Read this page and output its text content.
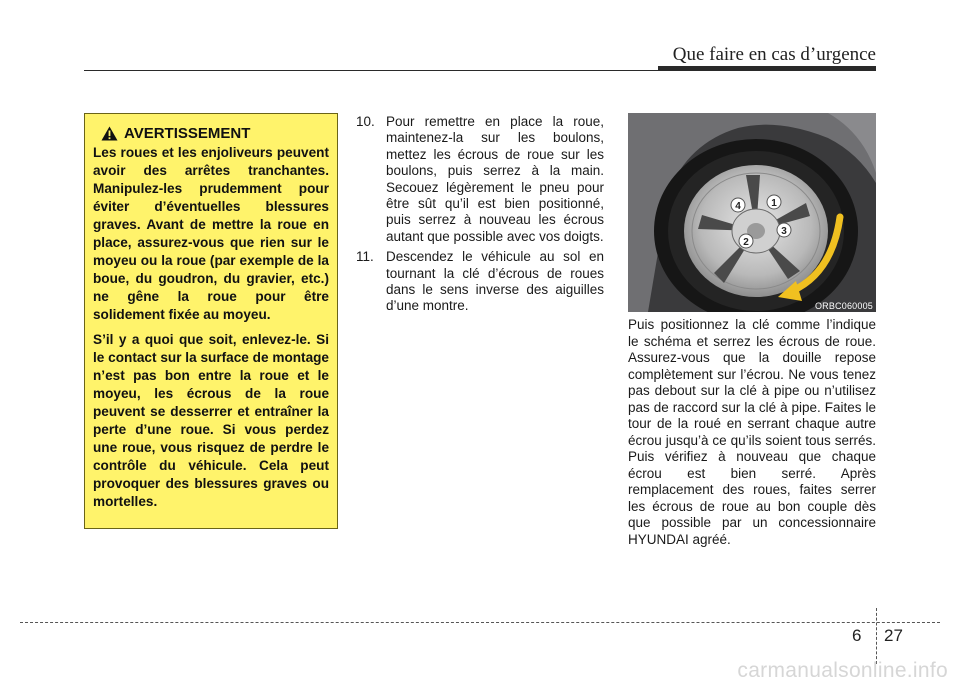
Que faire en cas d’urgence
AVERTISSEMENT

Les roues et les enjoliveurs peuvent avoir des arrêtes tranchantes. Manipulez-les prudemment pour éviter d’éventuelles blessures graves. Avant de mettre la roue en place, assurez-vous que rien sur le moyeu ou la roue (par exemple de la boue, du goudron, du gravier, etc.) ne gêne la roue pour être solidement fixée au moyeu.

S’il y a quoi que soit, enlevez-le. Si le contact sur la surface de montage n’est pas bon entre la roue et le moyeu, les écrous de la roue peuvent se desserrer et entraîner la perte d’une roue. Si vous perdez une roue, vous risquez de perdre le contrôle du véhicule. Cela peut provoquer des blessures graves ou mortelles.

10. Pour remettre en place la roue, maintenez-la sur les boulons, mettez les écrous de roue sur les boulons, puis serrez à la main. Secouez légèrement le pneu pour être sût qu’il est bien positionné, puis serrez à nouveau les écrous autant que possible avec vos doigts.
11. Descendez le véhicule au sol en tournant la clé d’écrous de roues dans le sens inverse des aiguilles d’une montre.
1
2
3
4
ORBC060005

Puis positionnez la clé comme l’indique le schéma et serrez les écrous de roue. Assurez-vous que la douille repose complètement sur l’écrou. Ne vous tenez pas debout sur la clé à pipe ou n’utilisez pas de raccord sur la clé à pipe. Faites le tour de la roué en serrant chaque autre écrou jusqu’à ce qu’ils soient tous serrés. Puis vérifiez à nouveau que chaque écrou est bien serré. Après remplacement des roues, faites serrer les écrous de roue au bon couple dès que possible par un concessionnaire HYUNDAI agréé.

6 27
carmanualsonline.info
